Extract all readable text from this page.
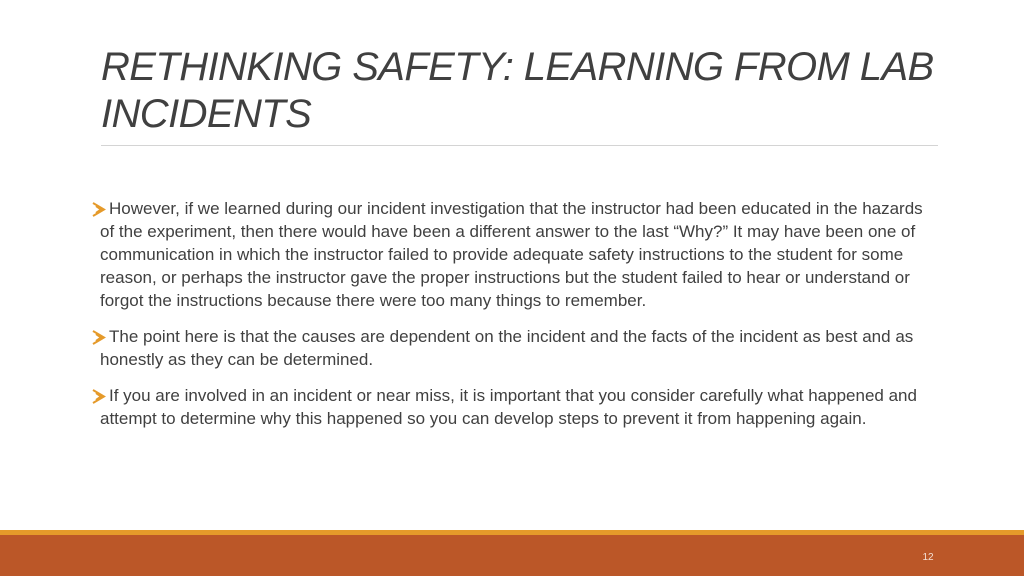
RETHINKING SAFETY: LEARNING FROM LAB INCIDENTS
However, if we learned during our incident investigation that the instructor had been educated in the hazards of the experiment, then there would have been a different answer to the last “Why?” It may have been one of communication in which the instructor failed to provide adequate safety instructions to the student for some reason, or perhaps the instructor gave the proper instructions but the student failed to hear or understand or forgot the instructions because there were too many things to remember.
The point here is that the causes are dependent on the incident and the facts of the incident as best and as honestly as they can be determined.
If you are involved in an incident or near miss, it is important that you consider carefully what happened and attempt to determine why this happened so you can develop steps to prevent it from happening again.
12
